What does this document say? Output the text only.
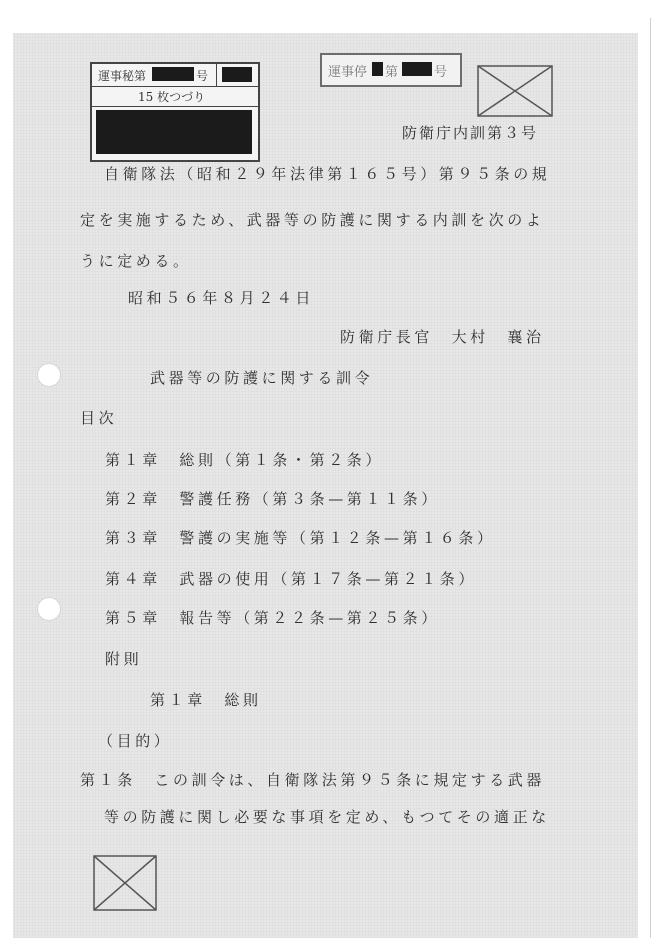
運事秘第	号
15 枚つづり
運事停 第	号
防衛庁内訓第３号
自衛隊法（昭和２９年法律第１６５号）第９５条の規
定を実施するため、武器等の防護に関する内訓を次のよ
うに定める。
昭和５６年８月２４日
防衛庁長官　大村　襄治
武器等の防護に関する訓令
目次
第１章　総則（第１条・第２条）
第２章　警護任務（第３条—第１１条）
第３章　警護の実施等（第１２条—第１６条）
第４章　武器の使用（第１７条—第２１条）
第５章　報告等（第２２条—第２５条）
附則
第１章　総則
（目的）
第１条　この訓令は、自衛隊法第９５条に規定する武器
等の防護に関し必要な事項を定め、もつてその適正な
